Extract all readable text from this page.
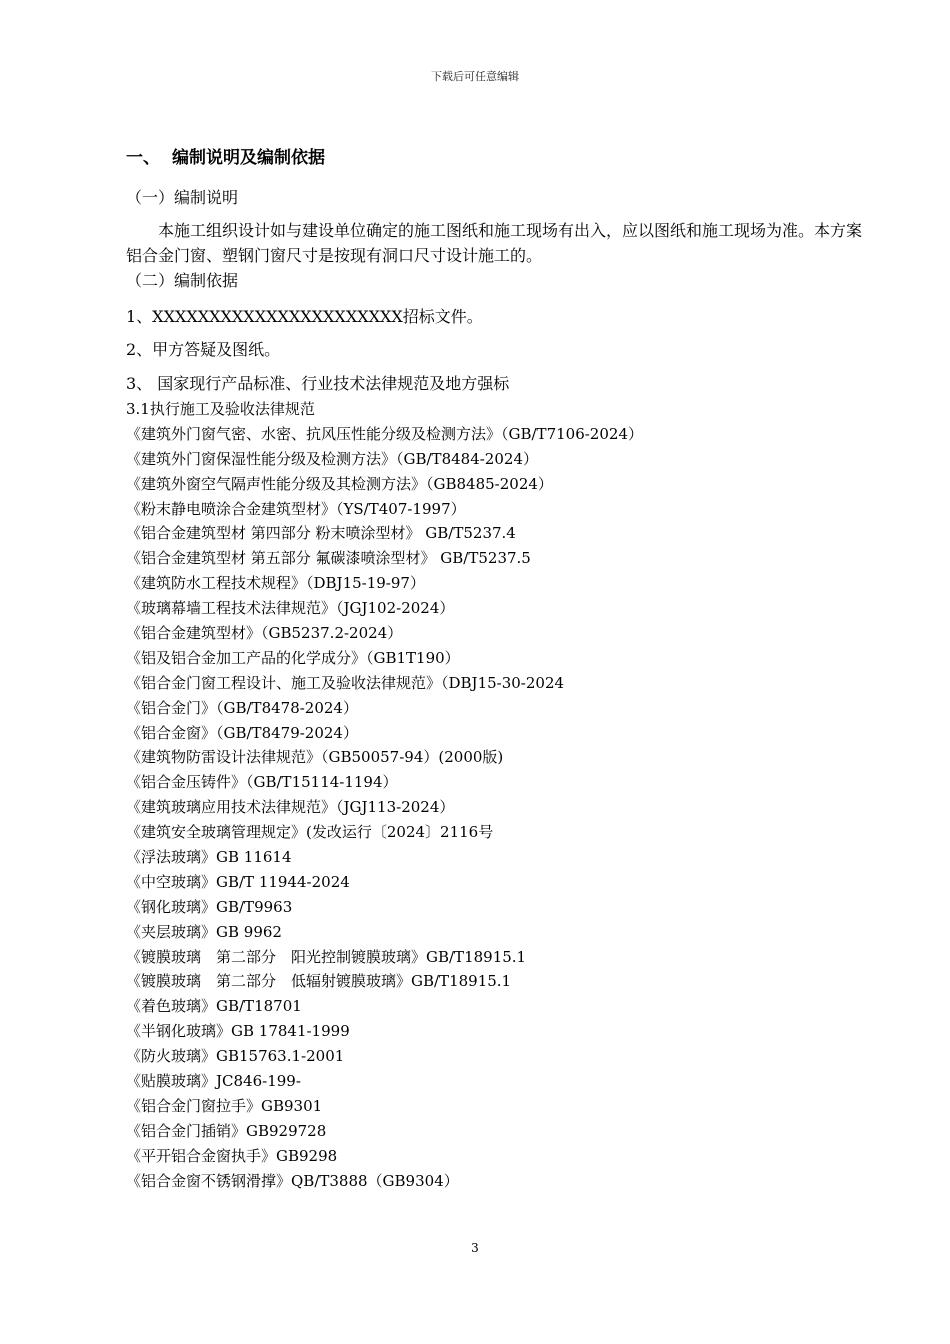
下载后可任意编辑
一、 编制说明及编制依据
（一）编制说明
本施工组织设计如与建设单位确定的施工图纸和施工现场有出入，应以图纸和施工现场为准。本方案铝合金门窗、塑钢门窗尺寸是按现有洞口尺寸设计施工的。
（二）编制依据
1、XXXXXXXXXXXXXXXXXXXXXX招标文件。
2、甲方答疑及图纸。
3、 国家现行产品标准、行业技术法律规范及地方强标
3.1执行施工及验收法律规范
《建筑外门窗气密、水密、抗风压性能分级及检测方法》（GB/T7106-2024）
《建筑外门窗保湿性能分级及检测方法》（GB/T8484-2024）
《建筑外窗空气隔声性能分级及其检测方法》（GB8485-2024）
《粉末静电喷涂合金建筑型材》（YS/T407-1997）
《铝合金建筑型材 第四部分 粉末喷涂型材》 GB/T5237.4
《铝合金建筑型材 第五部分 氟碳漆喷涂型材》 GB/T5237.5
《建筑防水工程技术规程》（DBJ15-19-97）
《玻璃幕墙工程技术法律规范》（JGJ102-2024）
《铝合金建筑型材》（GB5237.2-2024）
《铝及铝合金加工产品的化学成分》（GB1T190）
《铝合金门窗工程设计、施工及验收法律规范》（DBJ15-30-2024
《铝合金门》（GB/T8478-2024）
《铝合金窗》（GB/T8479-2024）
《建筑物防雷设计法律规范》（GB50057-94）(2000版)
《铝合金压铸件》（GB/T15114-1194）
《建筑玻璃应用技术法律规范》（JGJ113-2024）
《建筑安全玻璃管理规定》(发改运行〔2024〕2116号
《浮法玻璃》GB 11614
《中空玻璃》GB/T 11944-2024
《钢化玻璃》GB/T9963
《夹层玻璃》GB 9962
《镀膜玻璃　第二部分　阳光控制镀膜玻璃》GB/T18915.1
《镀膜玻璃　第二部分　低辐射镀膜玻璃》GB/T18915.1
《着色玻璃》GB/T18701
《半钢化玻璃》GB 17841-1999
《防火玻璃》GB15763.1-2001
《贴膜玻璃》JC846-199-
《铝合金门窗拉手》GB9301
《铝合金门插销》GB929728
《平开铝合金窗执手》GB9298
《铝合金窗不锈钢滑撑》QB/T3888（GB9304）
3
